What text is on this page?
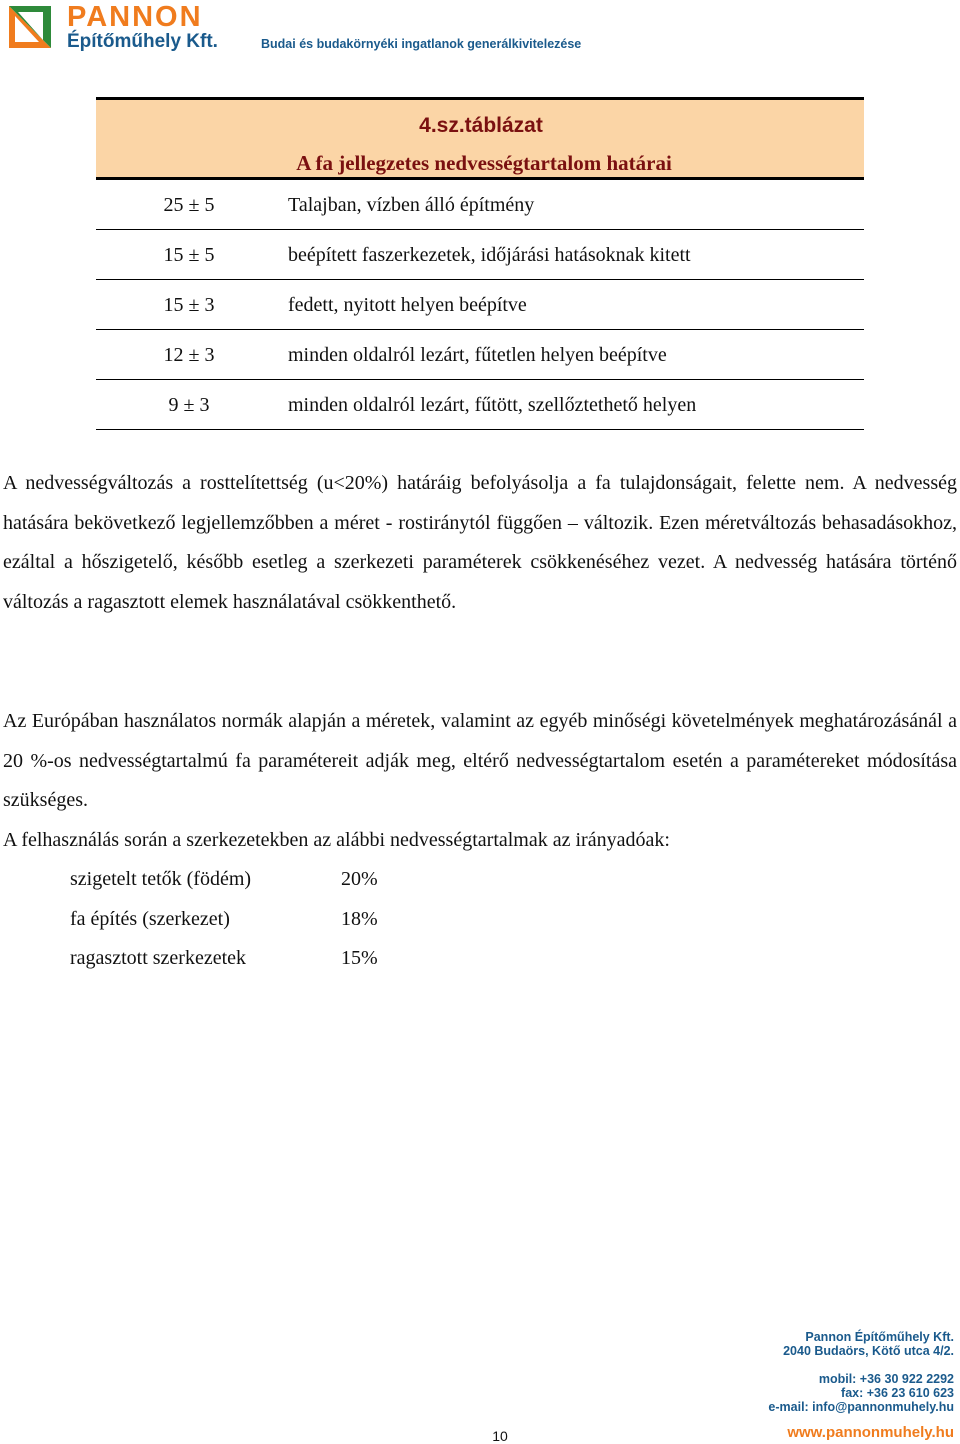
PANNON
Építőműhely Kft.	Budai és budakörnyéki ingatlanok generálkivitelezése
4.sz.táblázat
A fa jellegzetes nedvességtartalom határai
25 ± 5	Talajban, vízben álló építmény
15 ± 5	beépített faszerkezetek, időjárási hatásoknak kitett
15 ± 3	fedett, nyitott helyen beépítve
12 ± 3	minden oldalról lezárt, fűtetlen helyen beépítve
9 ± 3	minden oldalról lezárt, fűtött, szellőztethető helyen

A nedvességváltozás a rosttelítettség (u<20%) határáig befolyásolja a fa tulajdonságait, felette nem. A nedvesség hatására bekövetkező legjellemzőbben a méret - rostiránytól függően – változik. Ezen méretváltozás behasadásokhoz, ezáltal a hőszigetelő, később esetleg a szerkezeti paraméterek csökkenéséhez vezet. A nedvesség hatására történő változás a ragasztott elemek használatával csökkenthető.

Az Európában használatos normák alapján a méretek, valamint az egyéb minőségi követelmények meghatározásánál a 20 %-os nedvességtartalmú fa paramétereit adják meg, eltérő nedvességtartalom esetén a paramétereket módosítása szükséges.

A felhasználás során a szerkezetekben az alábbi nedvességtartalmak az irányadóak:

szigetelt tetők (födém)	20%
fa építés (szerkezet)	18%
ragasztott szerkezetek	15%
Pannon Építőműhely Kft.
2040 Budaörs, Kötő utca 4/2.
mobil: +36 30 922 2292
fax: +36 23 610 623
e-mail: info@pannonmuhely.hu
www.pannonmuhely.hu
10
